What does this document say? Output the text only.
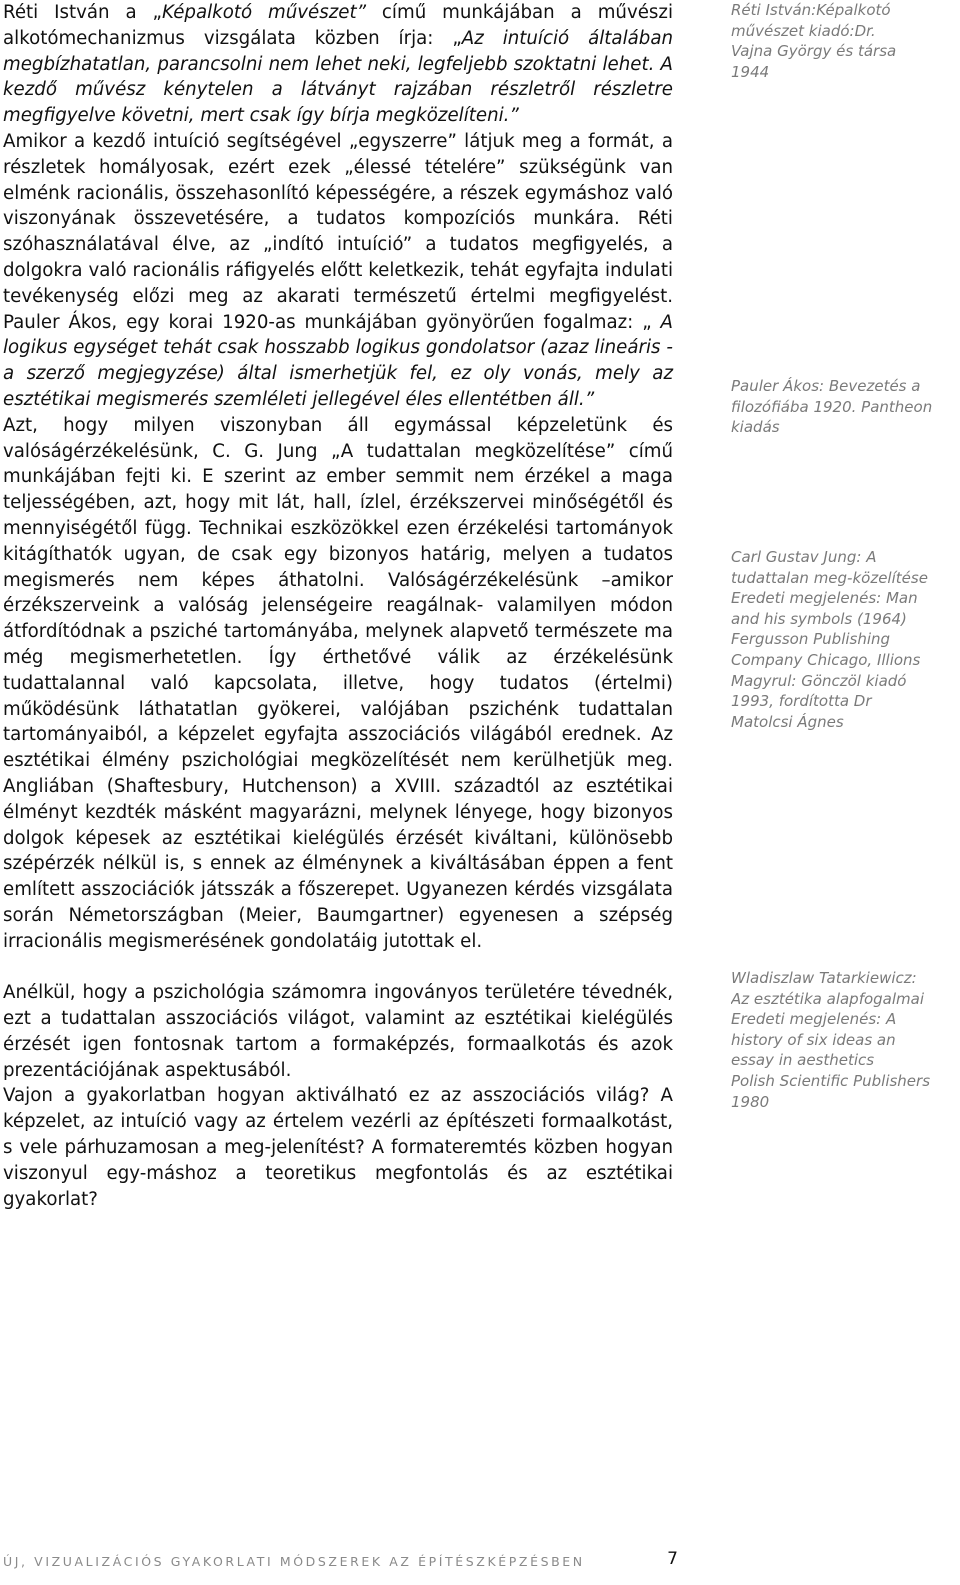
Réti István a „Képalkotó művészet” című munkájában a művészi alkotómechanizmus vizsgálata közben írja: „Az intuíció általában megbízhatatlan, parancsolni nem lehet neki, legfeljebb szoktatni lehet. A kezdő művész kénytelen a látványt rajzában részletről részletre megfigyelve követni, mert csak így bírja megközelíteni.”

Amikor a kezdő intuíció segítségével „egyszerre” látjuk meg a formát, a részletek homályosak, ezért ezek „élessé tételére” szükségünk van elménk racionális, összehasonlító képességére, a részek egymáshoz való viszonyának összevetésére, a tudatos kompozíciós munkára. Réti szóhasználatával élve, az „indító intuíció” a tudatos megfigyelés, a dolgokra való racionális ráfigyelés előtt keletkezik, tehát egyfajta indulati tevékenység előzi meg az akarati természetű értelmi megfigyelést. Pauler Ákos, egy korai 1920-as munkájában gyönyörűen fogalmaz: „ A logikus egységet tehát csak hosszabb logikus gondolatsor (azaz lineáris -a szerző megjegyzése) által ismerhetjük fel, ez oly vonás, mely az esztétikai megismerés szemléleti jellegével éles ellentétben áll.”

Azt, hogy milyen viszonyban áll egymással képzeletünk és valóságérzékelésünk, C. G. Jung „A tudattalan megközelítése” című munkájában fejti ki. E szerint az ember semmit nem érzékel a maga teljességében, azt, hogy mit lát, hall, ízlel, érzékszervei minőségétől és mennyiségétől függ. Technikai eszközökkel ezen érzékelési tartományok kitágíthatók ugyan, de csak egy bizonyos határig, melyen a tudatos megismerés nem képes áthatolni. Valóságérzékelésünk –amikor érzékszerveink a valóság jelenségeire reagálnak- valamilyen módon átfordítódnak a psziché tartományába, melynek alapvető természete ma még megismerhetetlen. Így érthetővé válik az érzékelésünk tudattalannal való kapcsolata, illetve, hogy tudatos (értelmi) működésünk láthatatlan gyökerei, valójában pszichénk tudattalan tartományaiból, a képzelet egyfajta asszociációs világából erednek. Az esztétikai élmény pszichológiai megközelítését nem kerülhetjük meg. Angliában (Shaftesbury, Hutchenson) a XVIII. századtól az esztétikai élményt kezdték másként magyarázni, melynek lényege, hogy bizonyos dolgok képesek az esztétikai kielégülés érzését kiváltani, különösebb szépérzék nélkül is, s ennek az élménynek a kiváltásában éppen a fent említett asszociációk játsszák a főszerepet. Ugyanezen kérdés vizsgálata során Németországban (Meier, Baumgartner) egyenesen a szépség irracionális megismerésének gondolatáig jutottak el.

Anélkül, hogy a pszichológia számomra ingoványos területére tévednék, ezt a tudattalan asszociációs világot, valamint az esztétikai kielégülés érzését igen fontosnak tartom a formaképzés, formaalkotás és azok prezentációjának aspektusából.

Vajon a gyakorlatban hogyan aktiválható ez az asszociációs világ? A képzelet, az intuíció vagy az értelem vezérli az építészeti formaalkotást, s vele párhuzamosan a meg-jelenítést? A formateremtés közben hogyan viszonyul egy-máshoz a teoretikus megfontolás és az esztétikai gyakorlat?

Réti István:Képalkotó
művészet kiadó:Dr.
Vajna György és társa
1944
Pauler Ákos: Bevezetés a
filozófiába 1920. Pantheon
kiadás
Carl Gustav Jung: A
tudattalan meg-közelítése
Eredeti megjelenés: Man
and his symbols (1964)
Fergusson Publishing
Company Chicago, Illions
Magyrul: Gönczöl kiadó
1993, fordította Dr
Matolcsi Ágnes
Wladiszlaw Tatarkiewicz:
Az esztétika alapfogalmai
Eredeti megjelenés: A
history of six ideas an
essay in aesthetics
Polish Scientific Publishers
1980
ÚJ, VIZUALIZÁCIÓS GYAKORLATI MÓDSZEREK AZ ÉPÍTÉSZKÉPZÉSBEN	7
